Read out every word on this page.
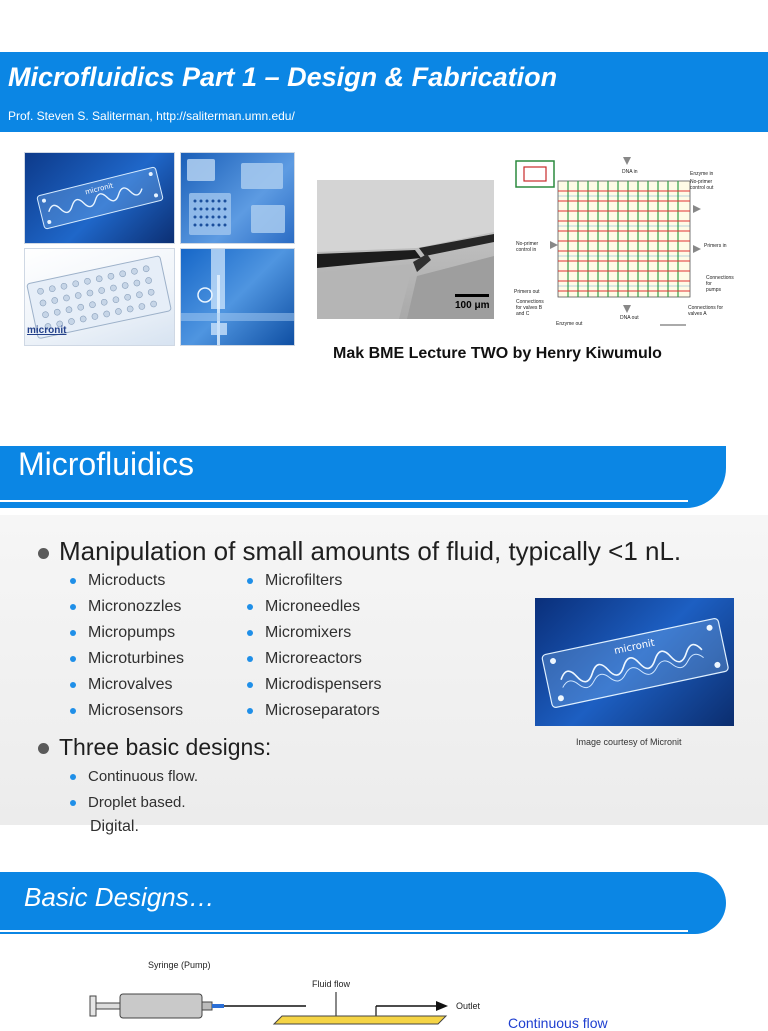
Microfluidics Part 1 – Design & Fabrication
Prof. Steven S. Saliterman, http://saliterman.umn.edu/
micronit
micronit
100 μm
DNA in	Enzyme in
No-primer control out
No-primer control in
Primers in
Connections for pumps
Primers out
Connections for valves B and C
Connections for valves A
Enzyme out
DNA out
Mak BME Lecture TWO by Henry Kiwumulo
Microfluidics
Manipulation of small amounts of fluid, typically <1 nL.
Microducts
Micronozzles
Micropumps
Microturbines
Microvalves
Microsensors
Microfilters
Microneedles
Micromixers
Microreactors
Microdispensers
Microseparators
Three basic designs:
Continuous flow.
Droplet based.
Digital.
micronit
Image courtesy of Micronit
Basic Designs…
Syringe (Pump)
Fluid flow
Outlet
Continuous flow
